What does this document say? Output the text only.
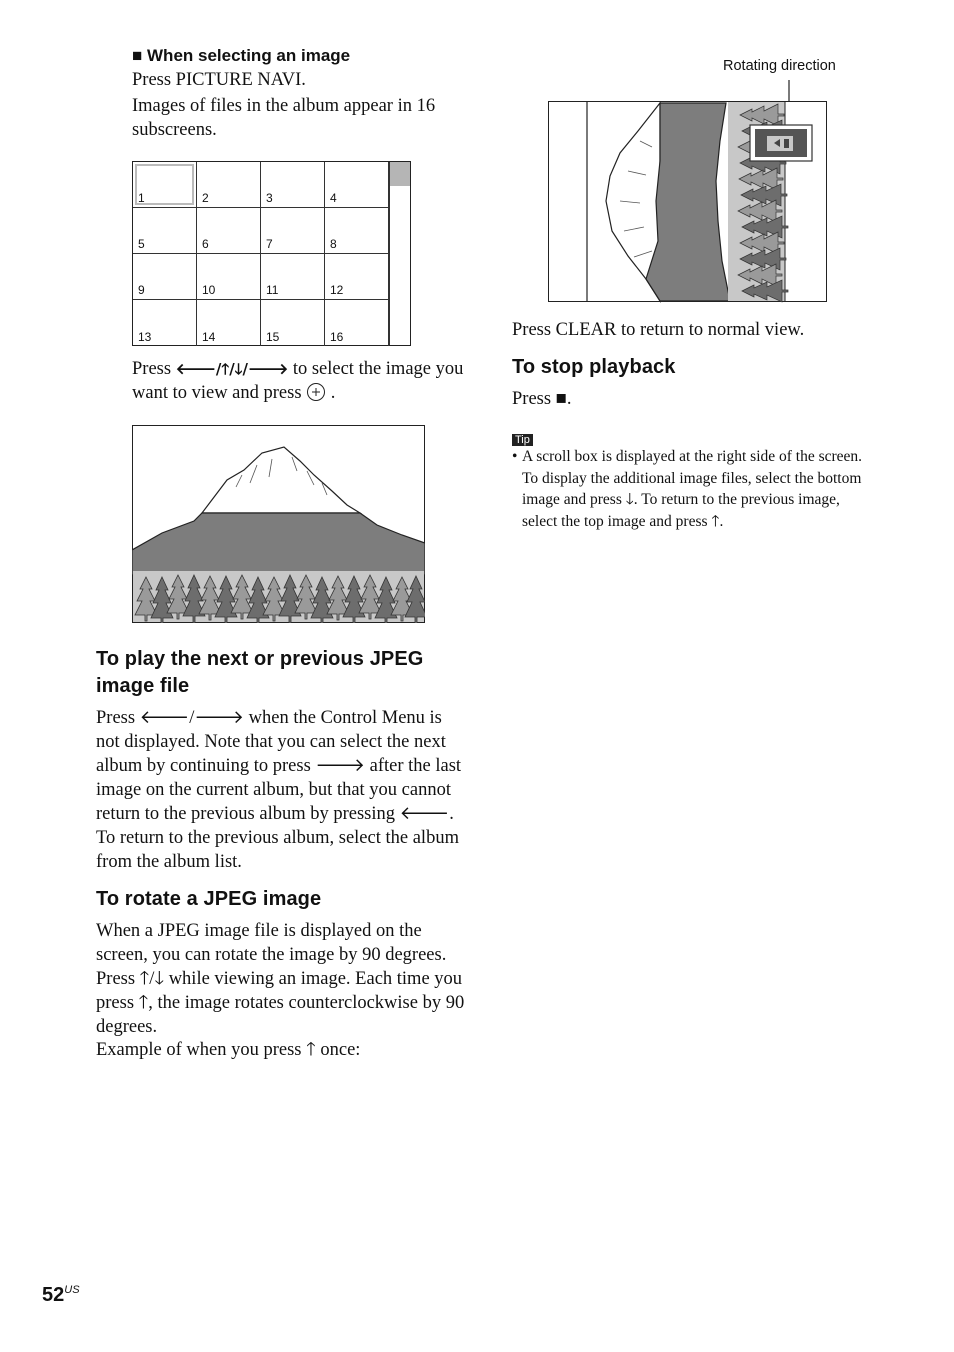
■ When selecting an image
Press PICTURE NAVI.
Images of files in the album appear in 16 subscreens.
1	2	3	4
5	6	7	8
9	10	11	12
13	14	15	16
Press 🡐/🡑/🡓/🡒 to select the image you want to view and press  .
To play the next or previous JPEG image file
Press 🡐/🡒 when the Control Menu is not displayed. Note that you can select the next album by continuing to press 🡒 after the last image on the current album, but that you cannot return to the previous album by pressing 🡐. To return to the previous album, select the album from the album list.
To rotate a JPEG image
When a JPEG image file is displayed on the screen, you can rotate the image by 90 degrees. Press 🡑/🡓 while viewing an image. Each time you press 🡑, the image rotates counterclockwise by 90 degrees.
Example of when you press 🡑 once:
Rotating direction
Press CLEAR to return to normal view.
To stop playback
Press ■.
Tip
• A scroll box is displayed at the right side of the screen. To display the additional image files, select the bottom image and press 🡓. To return to the previous image, select the top image and press 🡑.
$52^{US}$
